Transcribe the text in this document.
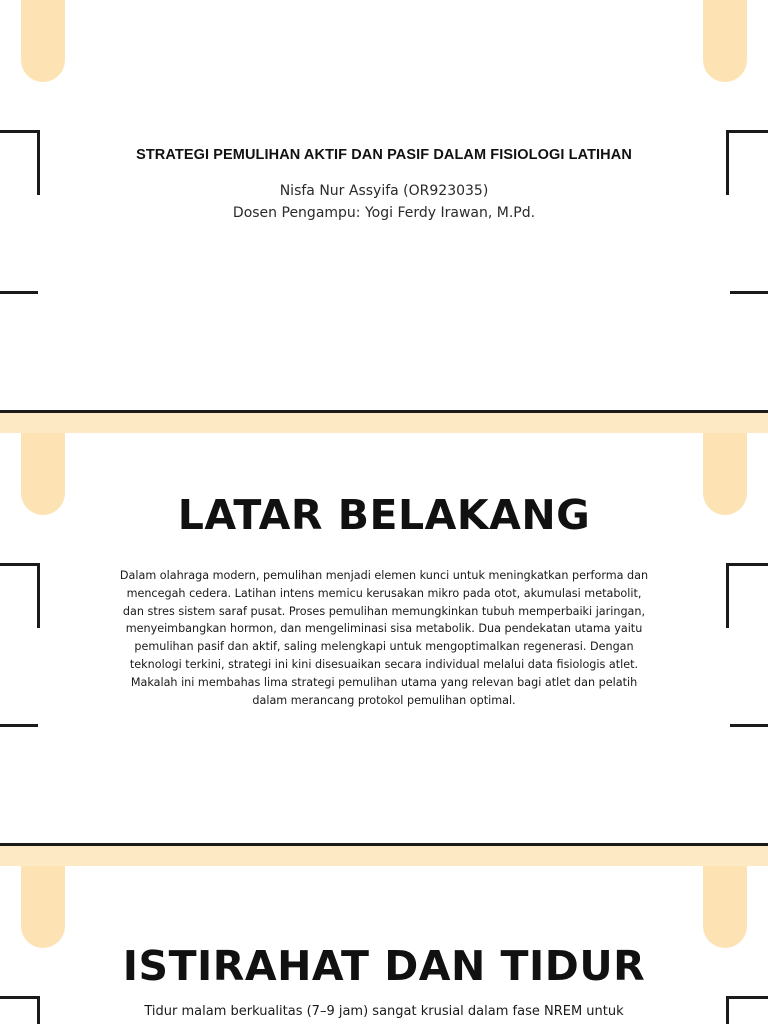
STRATEGI PEMULIHAN AKTIF DAN PASIF DALAM FISIOLOGI LATIHAN
Nisfa Nur Assyifa (OR923035)
Dosen Pengampu: Yogi Ferdy Irawan, M.Pd.
LATAR BELAKANG
Dalam olahraga modern, pemulihan menjadi elemen kunci untuk meningkatkan performa dan mencegah cedera. Latihan intens memicu kerusakan mikro pada otot, akumulasi metabolit, dan stres sistem saraf pusat. Proses pemulihan memungkinkan tubuh memperbaiki jaringan, menyeimbangkan hormon, dan mengeliminasi sisa metabolik. Dua pendekatan utama yaitu pemulihan pasif dan aktif, saling melengkapi untuk mengoptimalkan regenerasi. Dengan teknologi terkini, strategi ini kini disesuaikan secara individual melalui data fisiologis atlet. Makalah ini membahas lima strategi pemulihan utama yang relevan bagi atlet dan pelatih dalam merancang protokol pemulihan optimal.
ISTIRAHAT DAN TIDUR
Tidur malam berkualitas (7–9 jam) sangat krusial dalam fase NREM untuk
